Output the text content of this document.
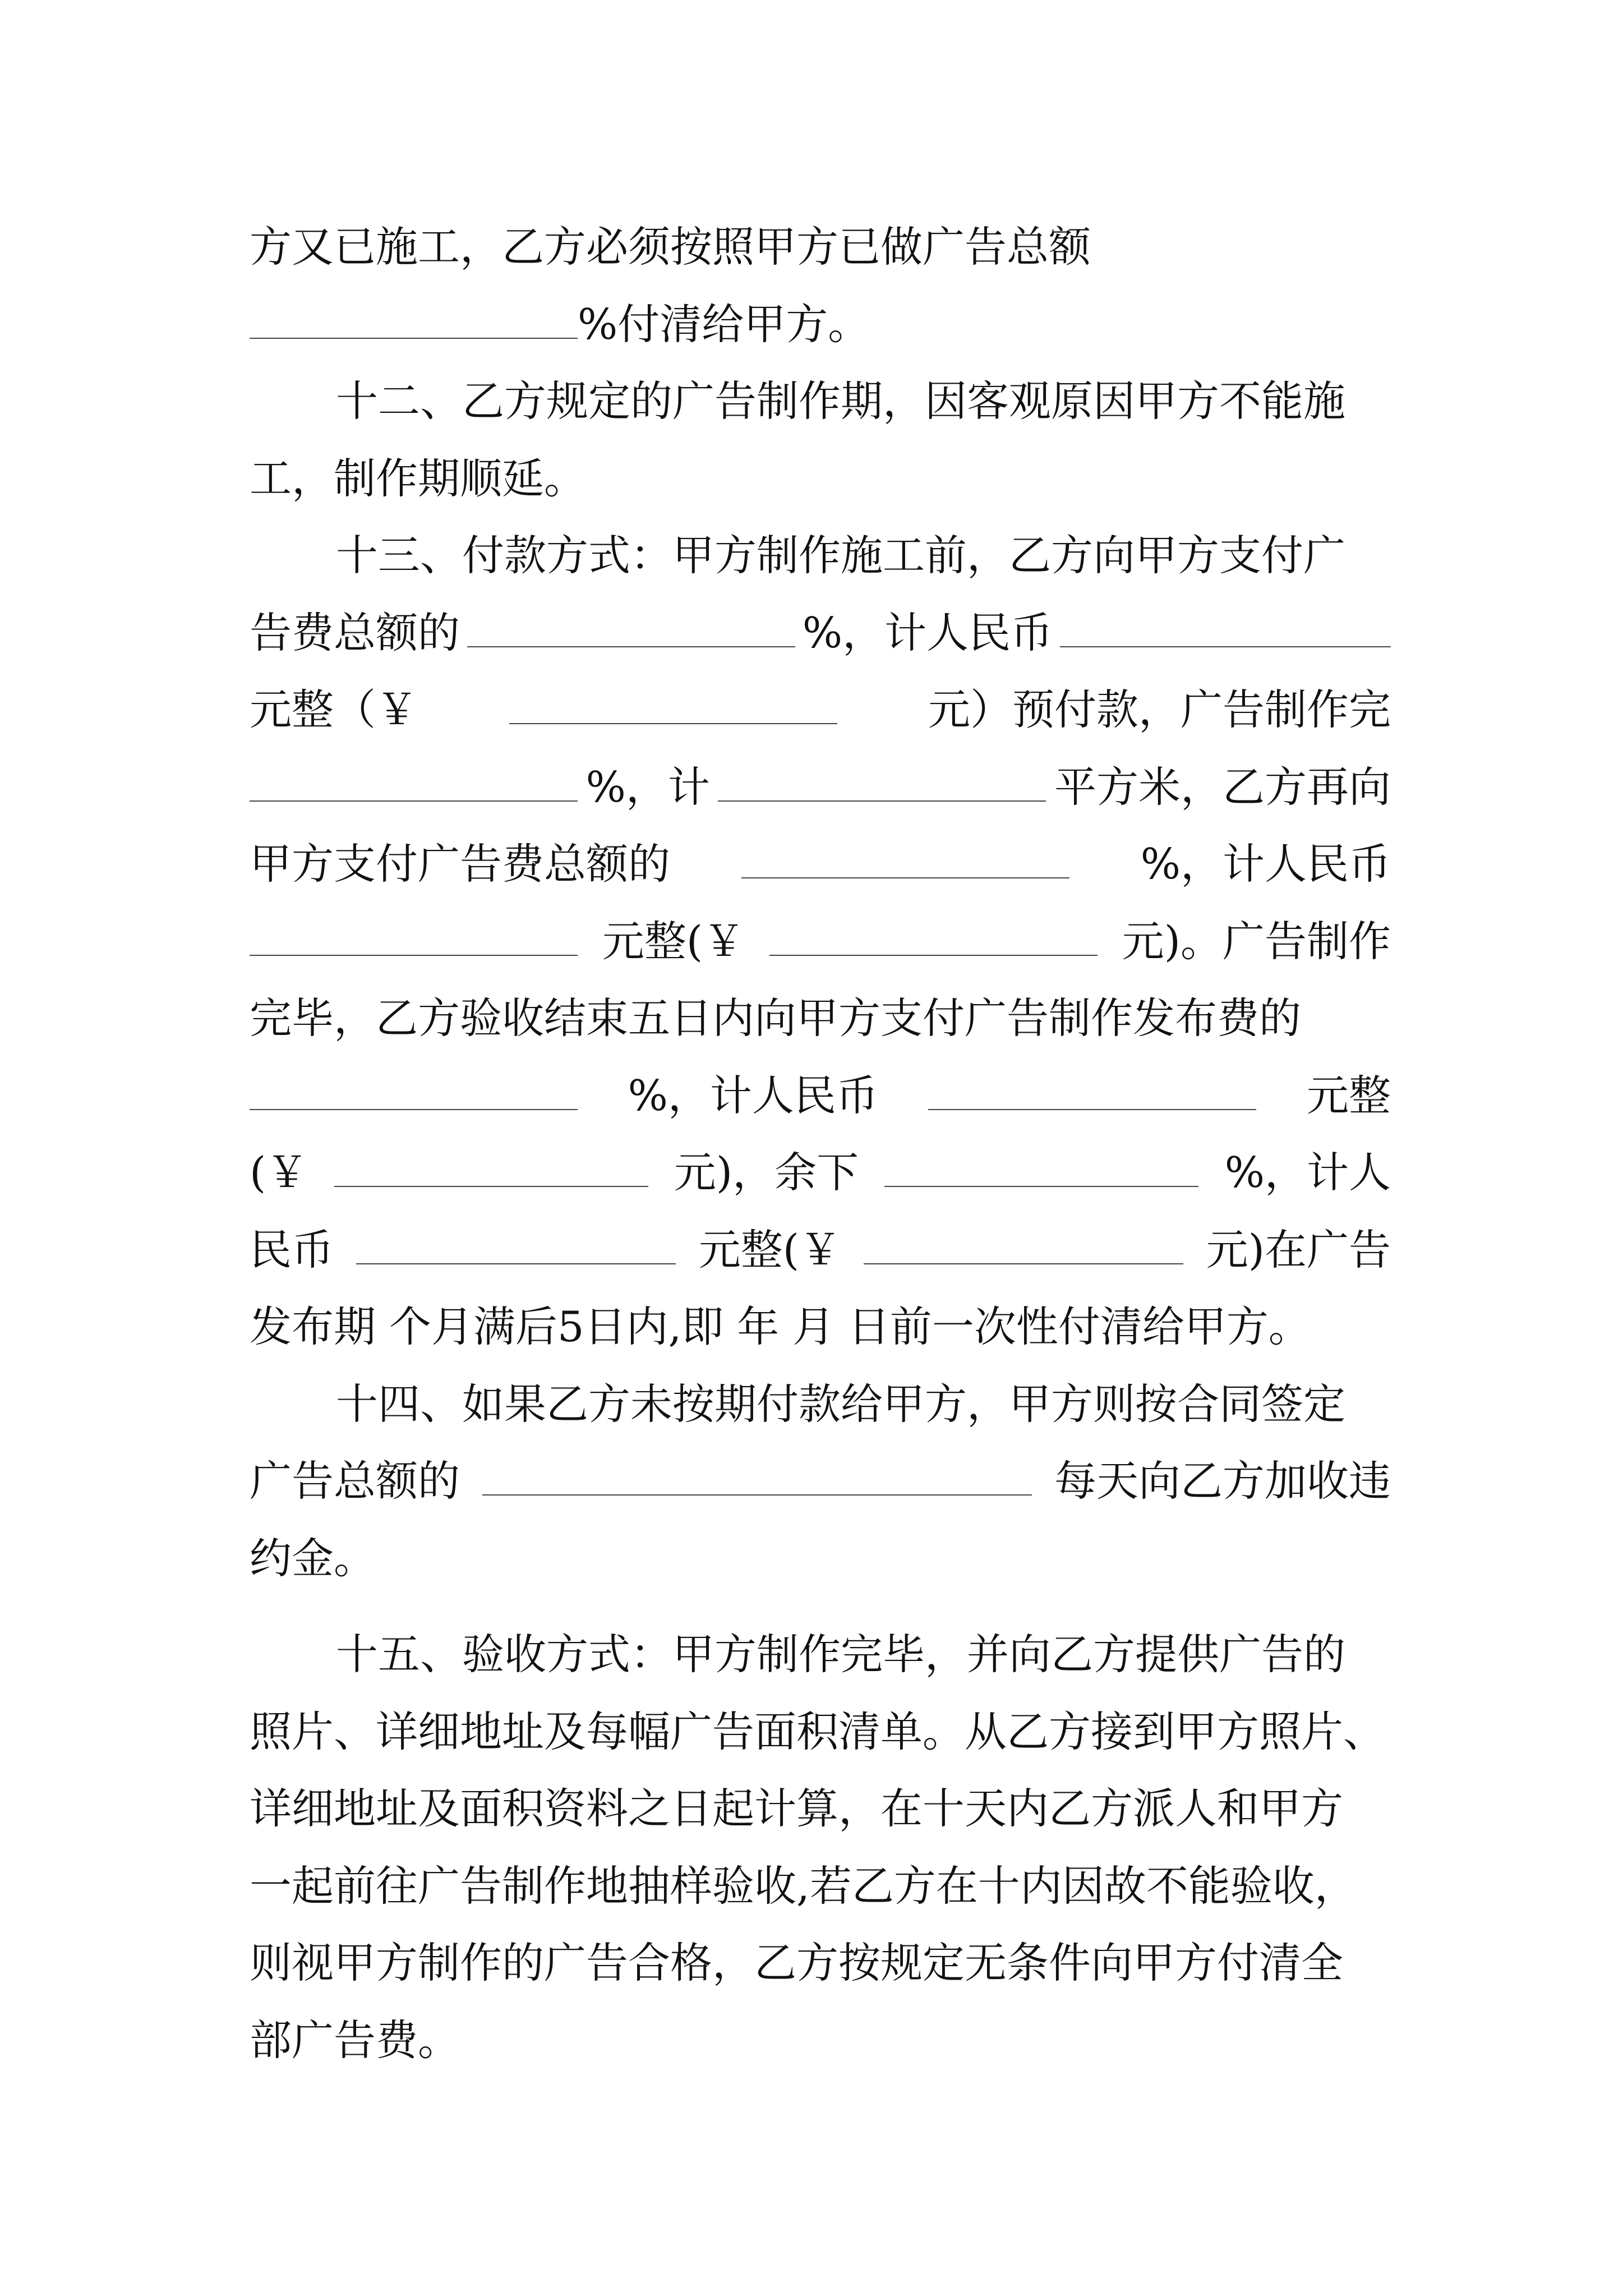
方又已施工，乙方必须按照甲方已做广告总额
%付清给甲方。
十二、乙方规定的广告制作期，因客观原因甲方不能施
工，制作期顺延。
十三、付款方式：甲方制作施工前，乙方向甲方支付广
告费总额的	%，计人民币
元整（￥	元）预付款，广告制作完
%，计	平方米，乙方再向
甲方支付广告费总额的	%，计人民币
元整(￥	元)。广告制作
完毕，乙方验收结束五日内向甲方支付广告制作发布费的
%，计人民币	元整
(￥	元)，余下	%，计人
民币	元整(￥	元)在广告
发布期 个月满后5日内,即 年 月 日前一次性付清给甲方。
十四、如果乙方未按期付款给甲方，甲方则按合同签定
广告总额的	每天向乙方加收违
约金。
十五、验收方式：甲方制作完毕，并向乙方提供广告的
照片、详细地址及每幅广告面积清单。从乙方接到甲方照片、
详细地址及面积资料之日起计算，在十天内乙方派人和甲方
一起前往广告制作地抽样验收,若乙方在十内因故不能验收，
则视甲方制作的广告合格，乙方按规定无条件向甲方付清全
部广告费。
